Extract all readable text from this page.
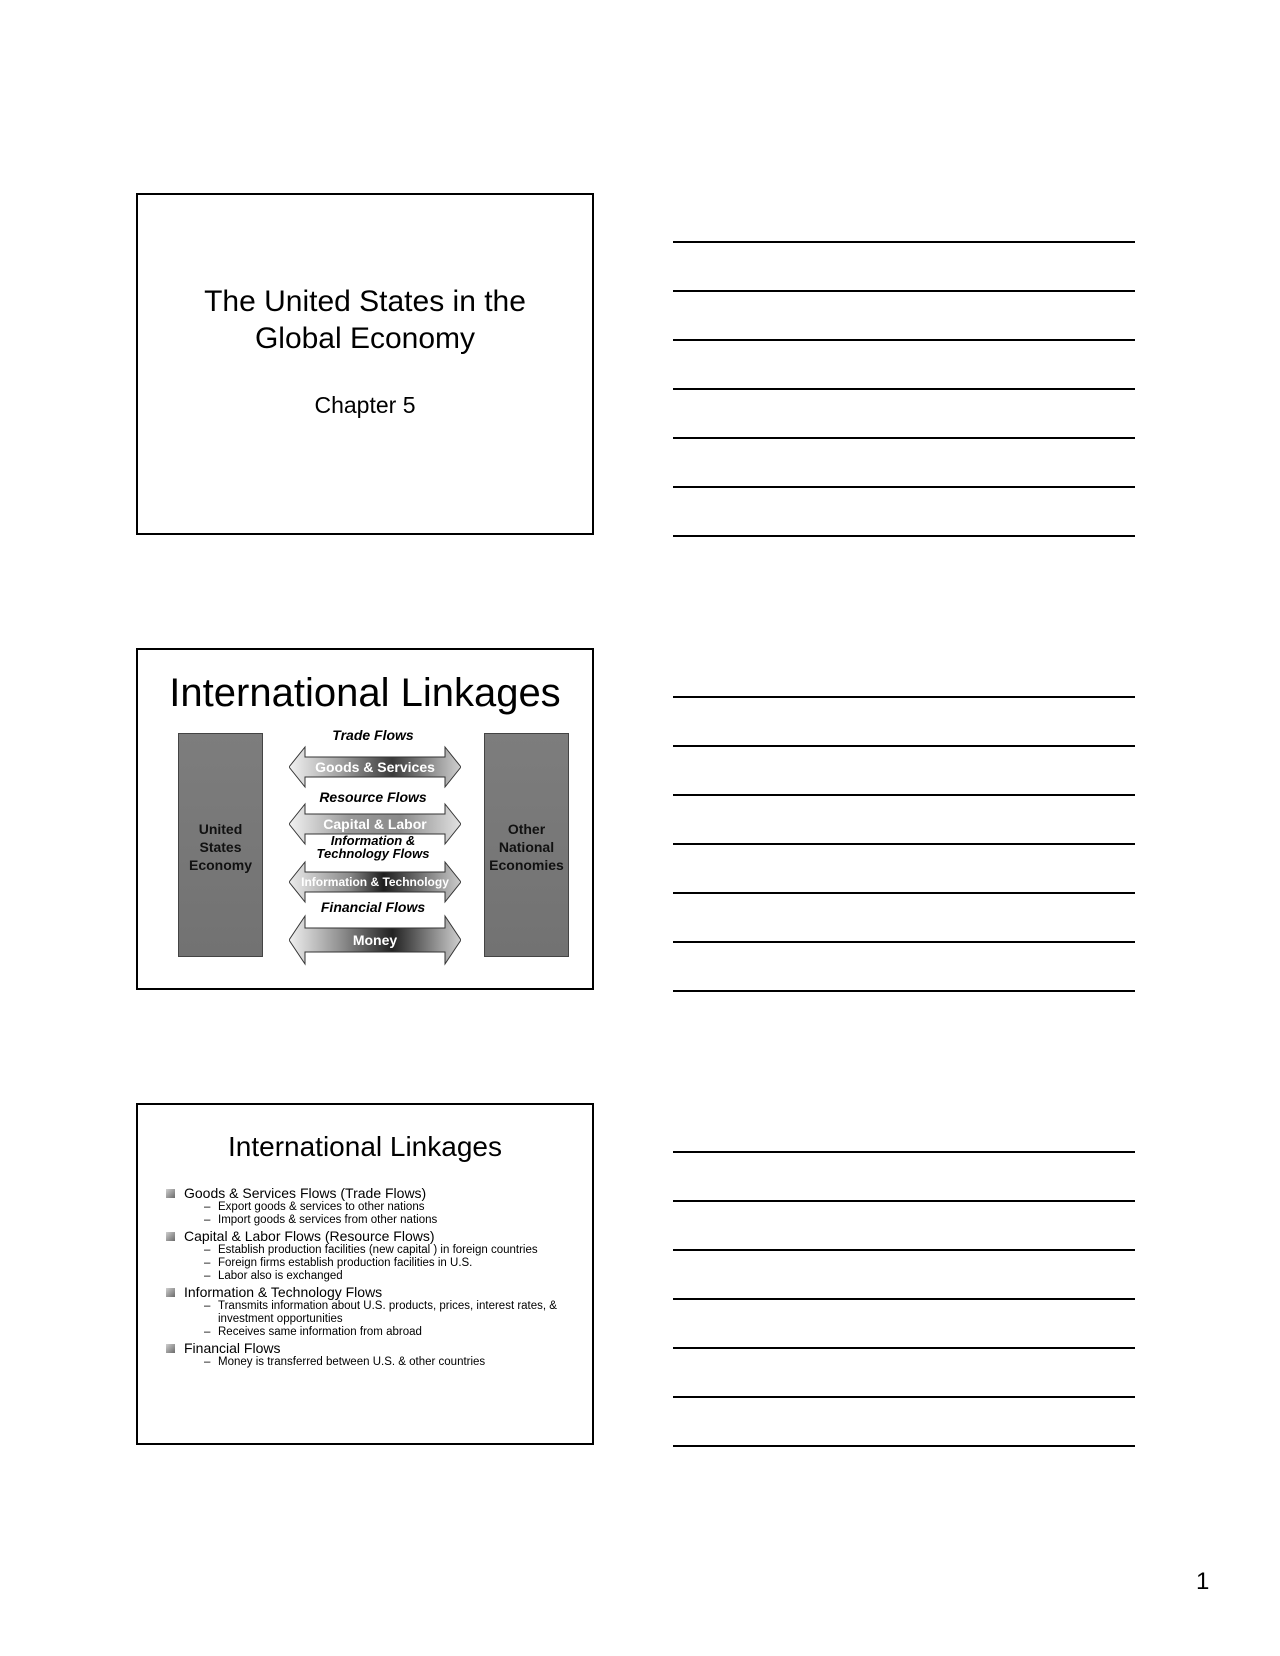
The United States in the
Global Economy
Chapter 5
International Linkages
United
States
Economy
Other
National
Economies
Trade Flows
Goods & Services
Resource Flows
Capital & Labor
Information &
Technology Flows
Information & Technology
Financial Flows
Money
International Linkages
Goods & Services Flows (Trade Flows)
– Export goods & services to other nations
– Import goods & services from other nations
Capital & Labor Flows (Resource Flows)
– Establish production facilities (new capital ) in foreign countries
– Foreign firms establish production facilities in U.S.
– Labor also is exchanged
Information & Technology Flows
– Transmits information about U.S. products, prices, interest rates, & investment opportunities
– Receives same information from abroad
Financial Flows
– Money is transferred between U.S. & other countries
1
